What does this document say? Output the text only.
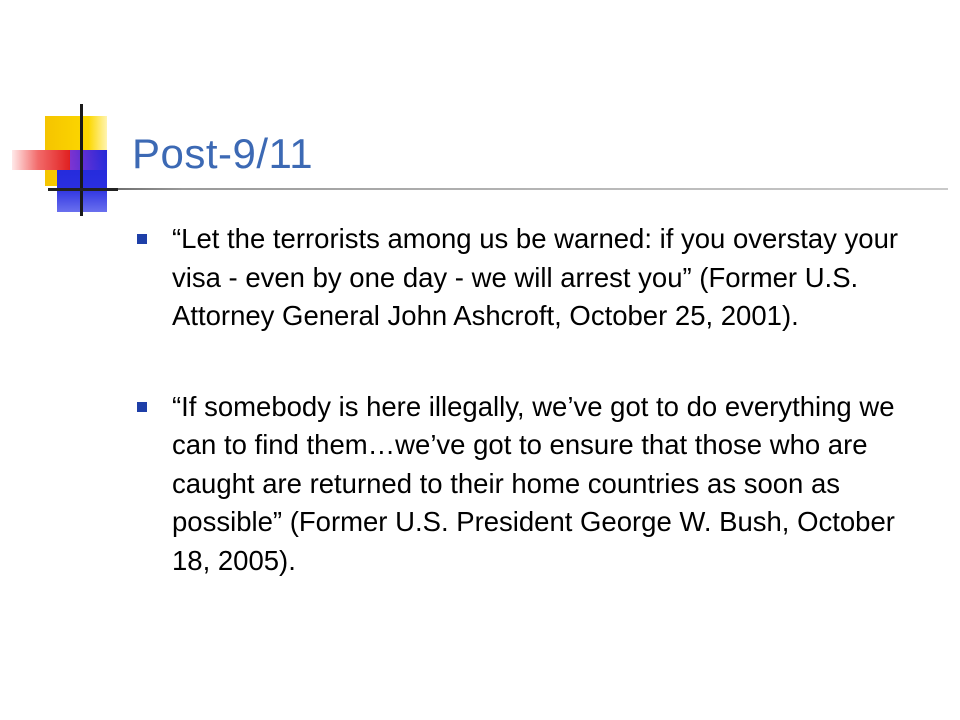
Post-9/11
“Let the terrorists among us be warned: if you overstay your visa - even by one day - we will arrest you” (Former U.S. Attorney General John Ashcroft, October 25, 2001).
“If somebody is here illegally, we’ve got to do everything we can to find them…we’ve got to ensure that those who are caught are returned to their home countries as soon as possible” (Former U.S. President George W. Bush, October 18, 2005).
